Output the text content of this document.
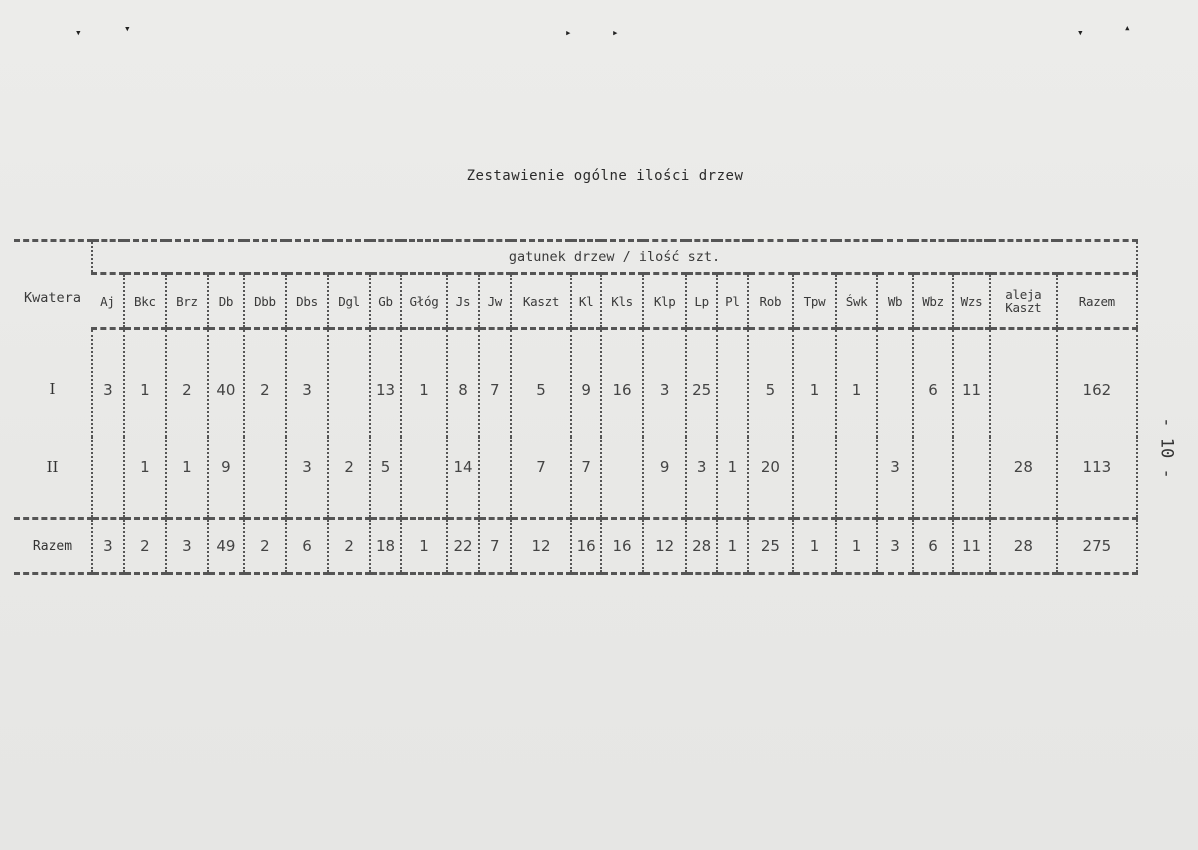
▾	▾	▸	▸	▾	▴
Zestawienie ogólne ilości drzew
- 10 -
Kwatera	gatunek drzew / ilość szt.																								
	Aj	Bkc	Brz	Db	Dbb	Dbs	Dgl	Gb	Głóg	Js	Jw	Kaszt	Kl	Kls	Klp	Lp	Pl	Rob	Tpw	Śwk	Wb	Wbz	Wzs	aleja
Kaszt	Razem
I	3	1	2	40	2	3		13	1	8	7	5	9	16	3	25		5	1	1		6	11		162
II		1	1	9		3	2	5		14		7	7		9	3	1	20			3			28	113
Razem	3	2	3	49	2	6	2	18	1	22	7	12	16	16	12	28	1	25	1	1	3	6	11	28	275
